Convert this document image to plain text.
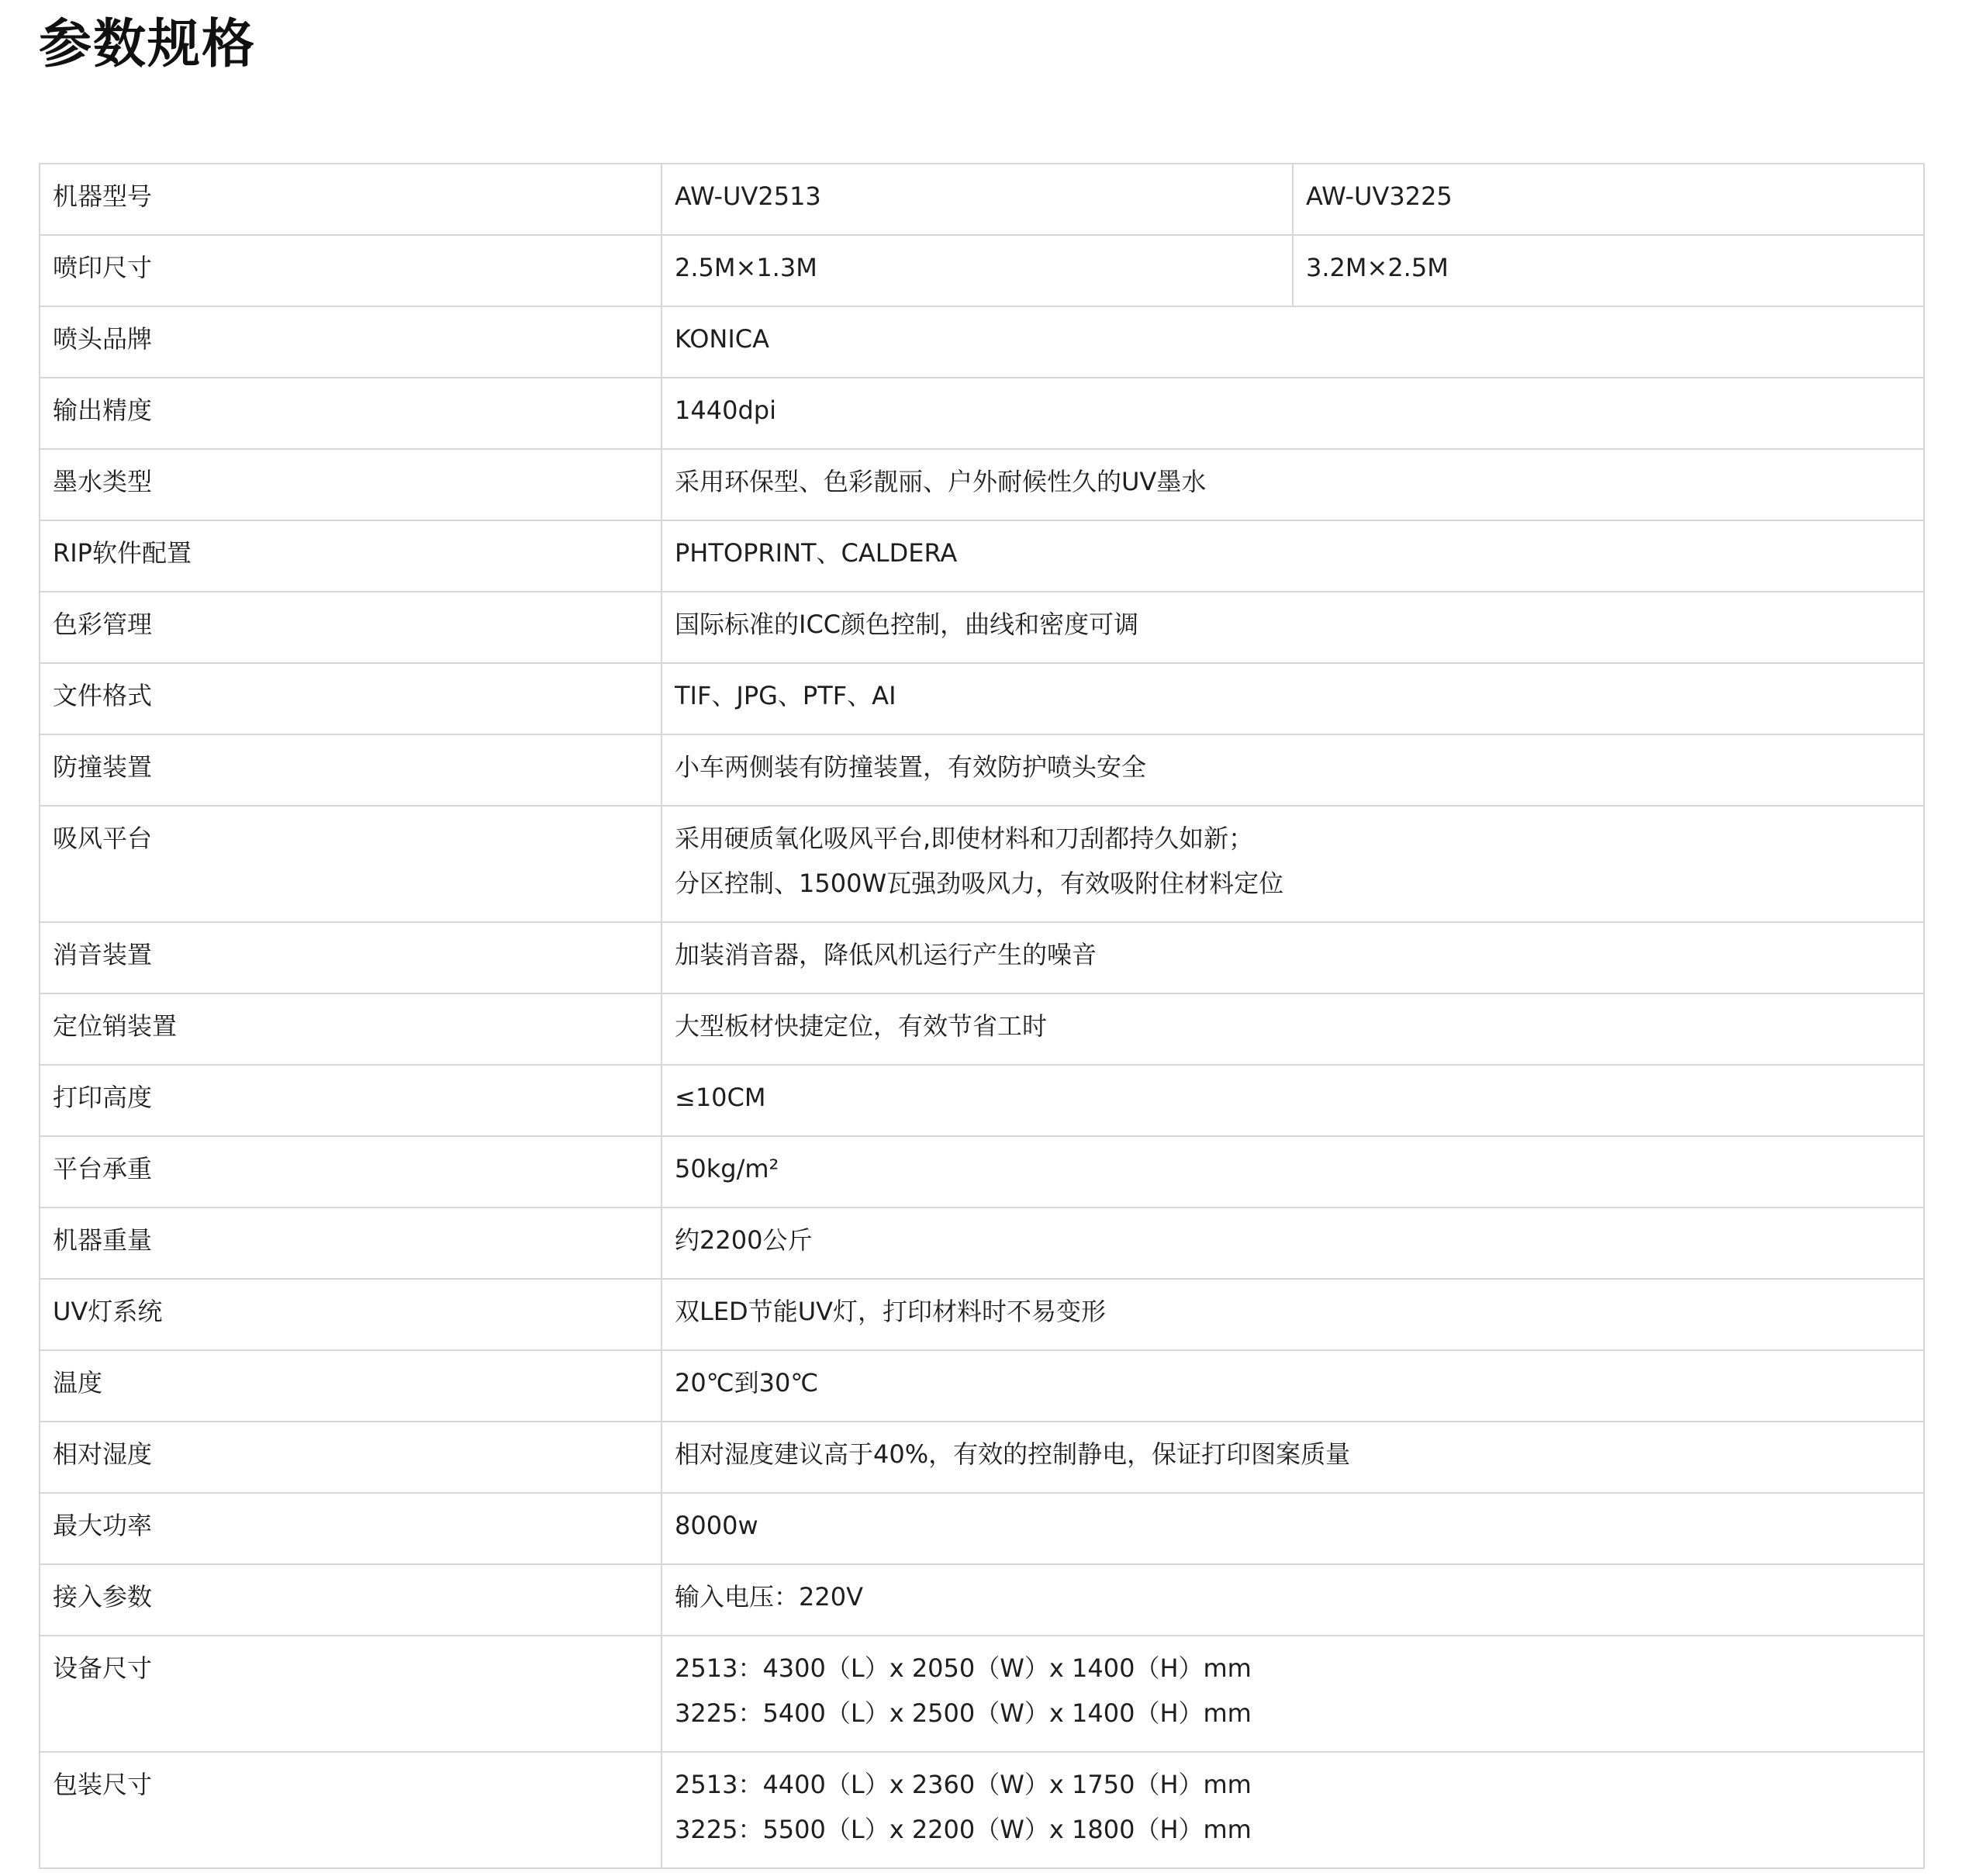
参数规格
机器型号	AW-UV2513	AW-UV3225
喷印尺寸	2.5M×1.3M	3.2M×2.5M
喷头品牌	KONICA	

输出精度	1440dpi	

墨水类型	采用环保型、色彩靓丽、户外耐候性久的UV墨水	

RIP软件配置	PHTOPRINT、CALDERA	

色彩管理	国际标准的ICC颜色控制，曲线和密度可调	

文件格式	TIF、JPG、PTF、AI	

防撞装置	小车两侧装有防撞装置，有效防护喷头安全	

吸风平台	采用硬质氧化吸风平台,即使材料和刀刮都持久如新；
分区控制、1500W瓦强劲吸风力，有效吸附住材料定位	

消音装置	加装消音器，降低风机运行产生的噪音	

定位销装置	大型板材快捷定位，有效节省工时	

打印高度	≤10CM	

平台承重	50kg/m²	

机器重量	约2200公斤	

UV灯系统	双LED节能UV灯，打印材料时不易变形	

温度	20℃到30℃	

相对湿度	相对湿度建议高于40%，有效的控制静电，保证打印图案质量	

最大功率	8000w	

接入参数	输入电压：220V	

设备尺寸	2513：4300（L）x 2050（W）x 1400（H）mm
3225：5400（L）x 2500（W）x 1400（H）mm	

包装尺寸	2513：4400（L）x 2360（W）x 1750（H）mm
3225：5500（L）x 2200（W）x 1800（H）mm	
